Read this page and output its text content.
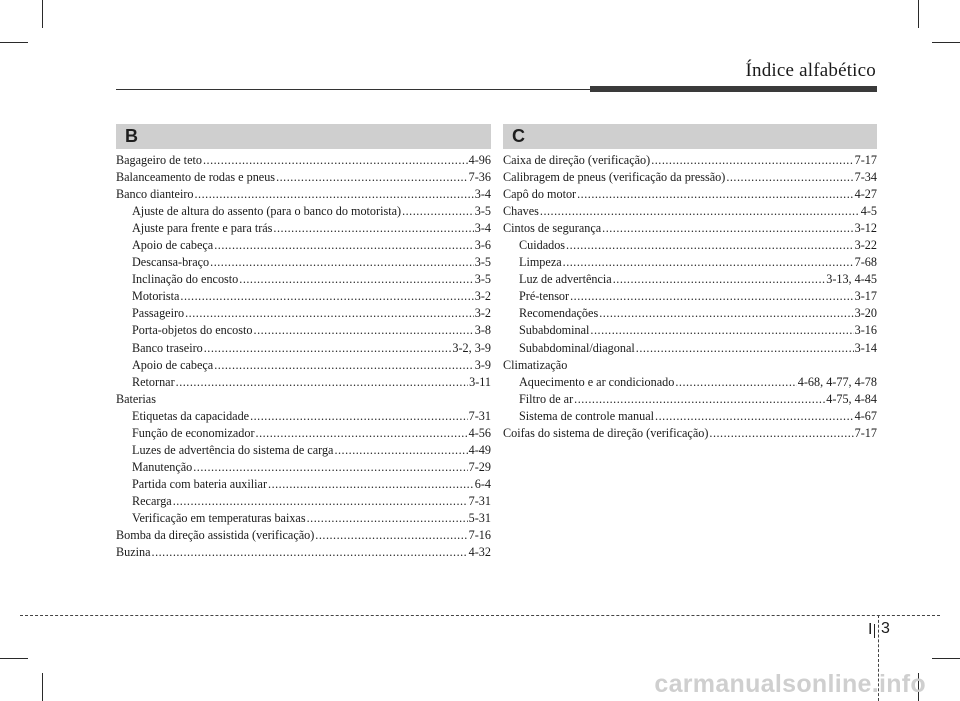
Índice alfabético
B	C
Bagageiro de teto .....	4-96
Balanceamento de rodas e pneus .....	7-36
Banco dianteiro .....	3-4
Ajuste de altura do assento (para o banco do motorista) .....	3-5
Ajuste para frente e para trás .....	3-4
Apoio de cabeça .....	3-6
Descansa-braço .....	3-5
Inclinação do encosto .....	3-5
Motorista .....	3-2
Passageiro .....	3-2
Porta-objetos do encosto .....	3-8
Banco traseiro .....	3-2, 3-9
Apoio de cabeça .....	3-9
Retornar .....	3-11
Baterias
Etiquetas da capacidade .....	7-31
Função de economizador .....	4-56
Luzes de advertência do sistema de carga .....	4-49
Manutenção .....	7-29
Partida com bateria auxiliar .....	6-4
Recarga .....	7-31
Verificação em temperaturas baixas .....	5-31
Bomba da direção assistida (verificação) .....	7-16
Buzina .....	4-32
Caixa de direção (verificação) .....	7-17
Calibragem de pneus (verificação da pressão) .....	7-34
Capô do motor .....	4-27
Chaves .....	4-5
Cintos de segurança .....	3-12
Cuidados .....	3-22
Limpeza .....	7-68
Luz de advertência .....	3-13, 4-45
Pré-tensor .....	3-17
Recomendações .....	3-20
Subabdominal .....	3-16
Subabdominal/diagonal .....	3-14
Climatização
Aquecimento e ar condicionado .....	4-68, 4-77, 4-78
Filtro de ar .....	4-75, 4-84
Sistema de controle manual .....	4-67
Coifas do sistema de direção (verificação) .....	7-17
I 3
carmanualsonline.info
